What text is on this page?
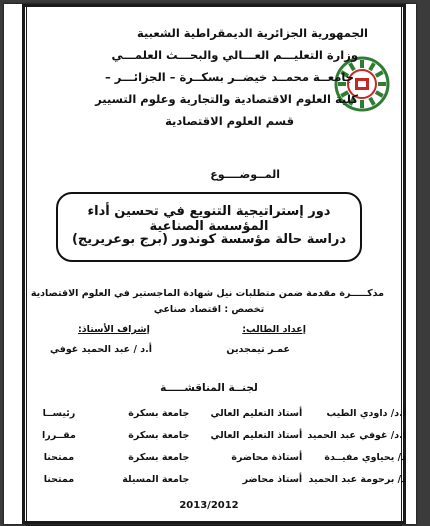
الجمهورية الجزائرية الديمقراطية الشعبية
وزارة التعليـــم العـــالي والبحـــث العلمـــي
جامعــة محمــد خيضــر بسكــرة – الجزائـــر –
كلية العلوم الاقتصادية والتجارية وعلوم التسيير
قسم العلوم الاقتصادية
المــوضــــوع
دور إستراتيجية التنويع في تحسين أداء المؤسسة الصناعية
دراسة حالة مؤسسة كوندور (برج بوعريريج)
مذكـــــرة مقدمة ضمن متطلبات نيل شهادة الماجستير في العلوم الاقتصادية
تخصص : اقتصاد صناعي
إعداد الطالب:
عمـر تيمجدين
إشراف الأستاذ:
أ.د / عبد الحميد غوفي
لجنــة المناقشـــــة
أ.د/ داودي الطيب	أستاذ التعليم العالي	جامعة بسكرة	رئيســا
أ.د/ غوفي عبد الحميد	أستاذ التعليم العالي	جامعة بسكرة	مقــررا
د/ يحياوي مفيــدة	أستاذة محاضرة	جامعة بسكرة	ممتحنا
د/ برحومة عبد الحميد	أستاذ محاضر	جامعة المسيلة	ممتحنا
2013/2012
